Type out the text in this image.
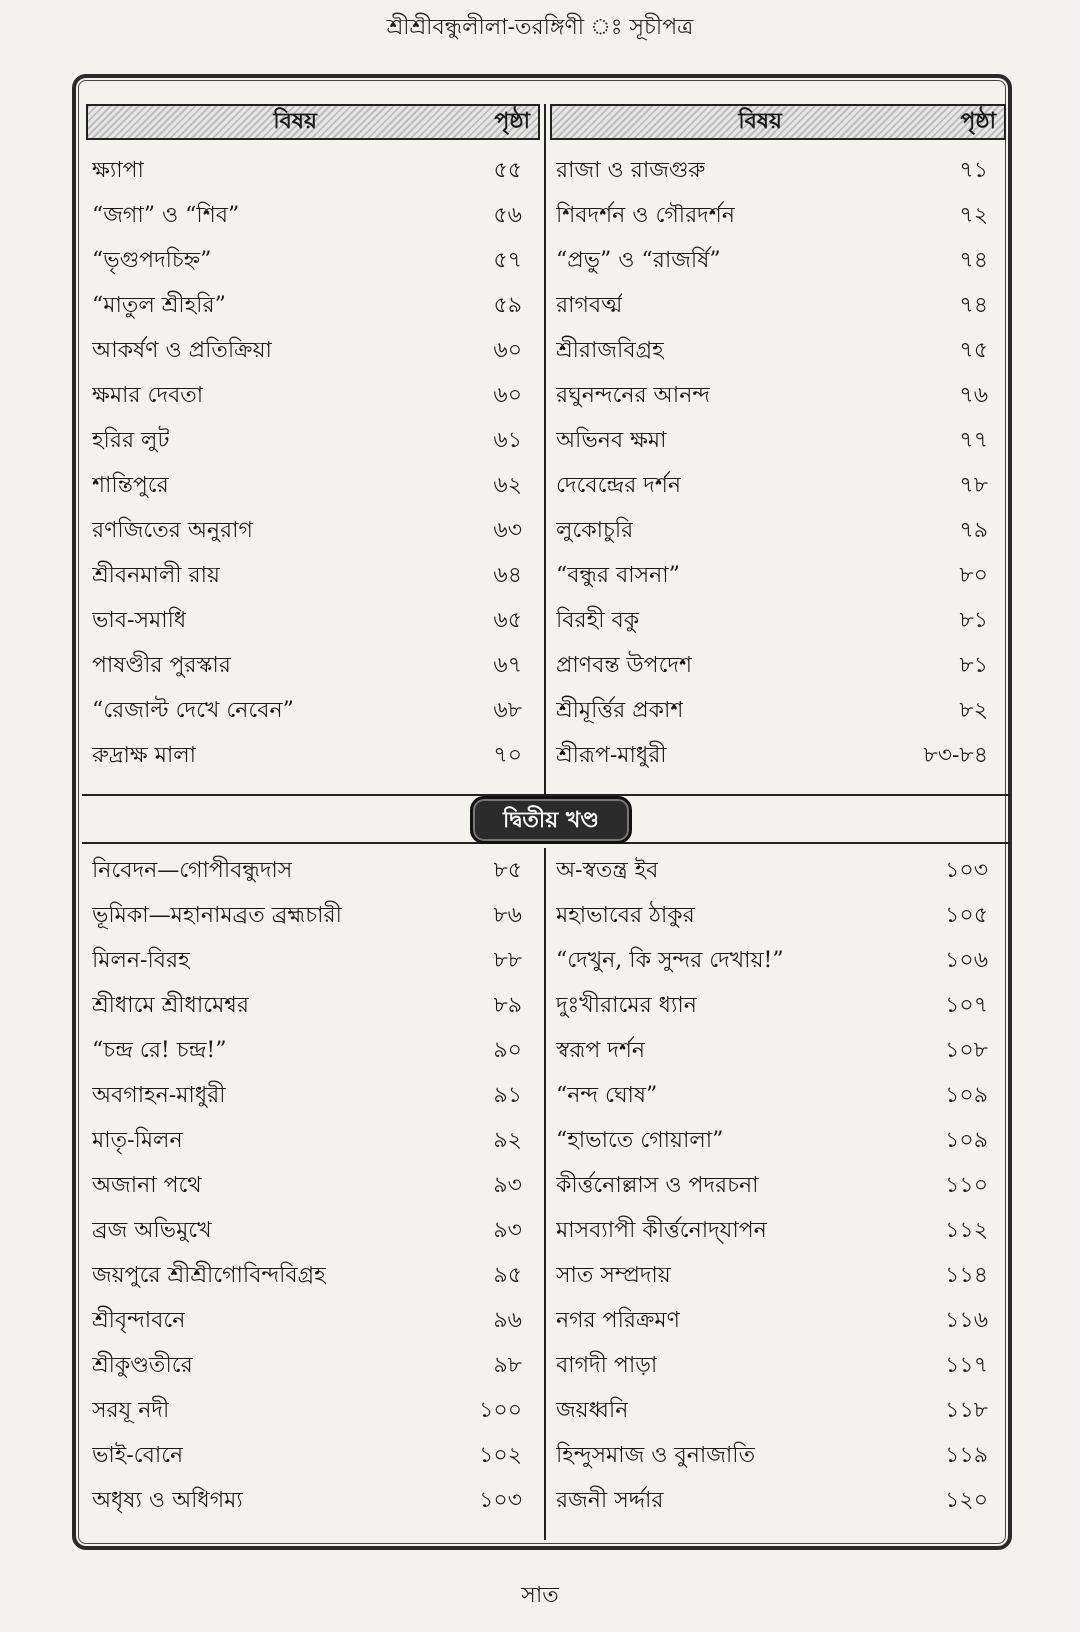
শ্রীশ্রীবন্ধুলীলা-তরঙ্গিণী ঃ সূচীপত্র
বিষয়	পৃষ্ঠা
ক্ষ্যাপা	৫৫
“জগা” ও “শিব”	৫৬
“ভৃগুপদচিহ্ন”	৫৭
“মাতুল শ্রীহরি”	৫৯
আকর্ষণ ও প্রতিক্রিয়া	৬০
ক্ষমার দেবতা	৬০
হরির লুট	৬১
শান্তিপুরে	৬২
রণজিতের অনুরাগ	৬৩
শ্রীবনমালী রায়	৬৪
ভাব-সমাধি	৬৫
পাষণ্ডীর পুরস্কার	৬৭
“রেজাল্ট দেখে নেবেন”	৬৮
রুদ্রাক্ষ মালা	৭০
বিষয়	পৃষ্ঠা
রাজা ও রাজগুরু	৭১
শিবদর্শন ও গৌরদর্শন	৭২
“প্রভু” ও “রাজর্ষি”	৭৪
রাগবর্ত্ম	৭৪
শ্রীরাজবিগ্রহ	৭৫
রঘুনন্দনের আনন্দ	৭৬
অভিনব ক্ষমা	৭৭
দেবেন্দ্রের দর্শন	৭৮
লুকোচুরি	৭৯
“বন্ধুর বাসনা”	৮০
বিরহী বকু	৮১
প্রাণবন্ত উপদেশ	৮১
শ্রীমূর্ত্তির প্রকাশ	৮২
শ্রীরূপ-মাধুরী	৮৩-৮৪
দ্বিতীয় খণ্ড
নিবেদন—গোপীবন্ধুদাস	৮৫
ভূমিকা—মহানামব্রত ব্রহ্মচারী	৮৬
মিলন-বিরহ	৮৮
শ্রীধামে শ্রীধামেশ্বর	৮৯
“চন্দ্র রে! চন্দ্র!”	৯০
অবগাহন-মাধুরী	৯১
মাতৃ-মিলন	৯২
অজানা পথে	৯৩
ব্রজ অভিমুখে	৯৩
জয়পুরে শ্রীশ্রীগোবিন্দবিগ্রহ	৯৫
শ্রীবৃন্দাবনে	৯৬
শ্রীকুণ্ডতীরে	৯৮
সরযূ নদী	১০০
ভাই-বোনে	১০২
অধৃষ্য ও অধিগম্য	১০৩
অ-স্বতন্ত্র ইব	১০৩
মহাভাবের ঠাকুর	১০৫
“দেখুন, কি সুন্দর দেখায়!”	১০৬
দুঃখীরামের ধ্যান	১০৭
স্বরূপ দর্শন	১০৮
“নন্দ ঘোষ”	১০৯
“হাভাতে গোয়ালা”	১০৯
কীর্ত্তনোল্লাস ও পদরচনা	১১০
মাসব্যাপী কীর্ত্তনোদ্‌যাপন	১১২
সাত সম্প্রদায়	১১৪
নগর পরিক্রমণ	১১৬
বাগদী পাড়া	১১৭
জয়ধ্বনি	১১৮
হিন্দুসমাজ ও বুনাজাতি	১১৯
রজনী সর্দ্দার	১২০
সাত
